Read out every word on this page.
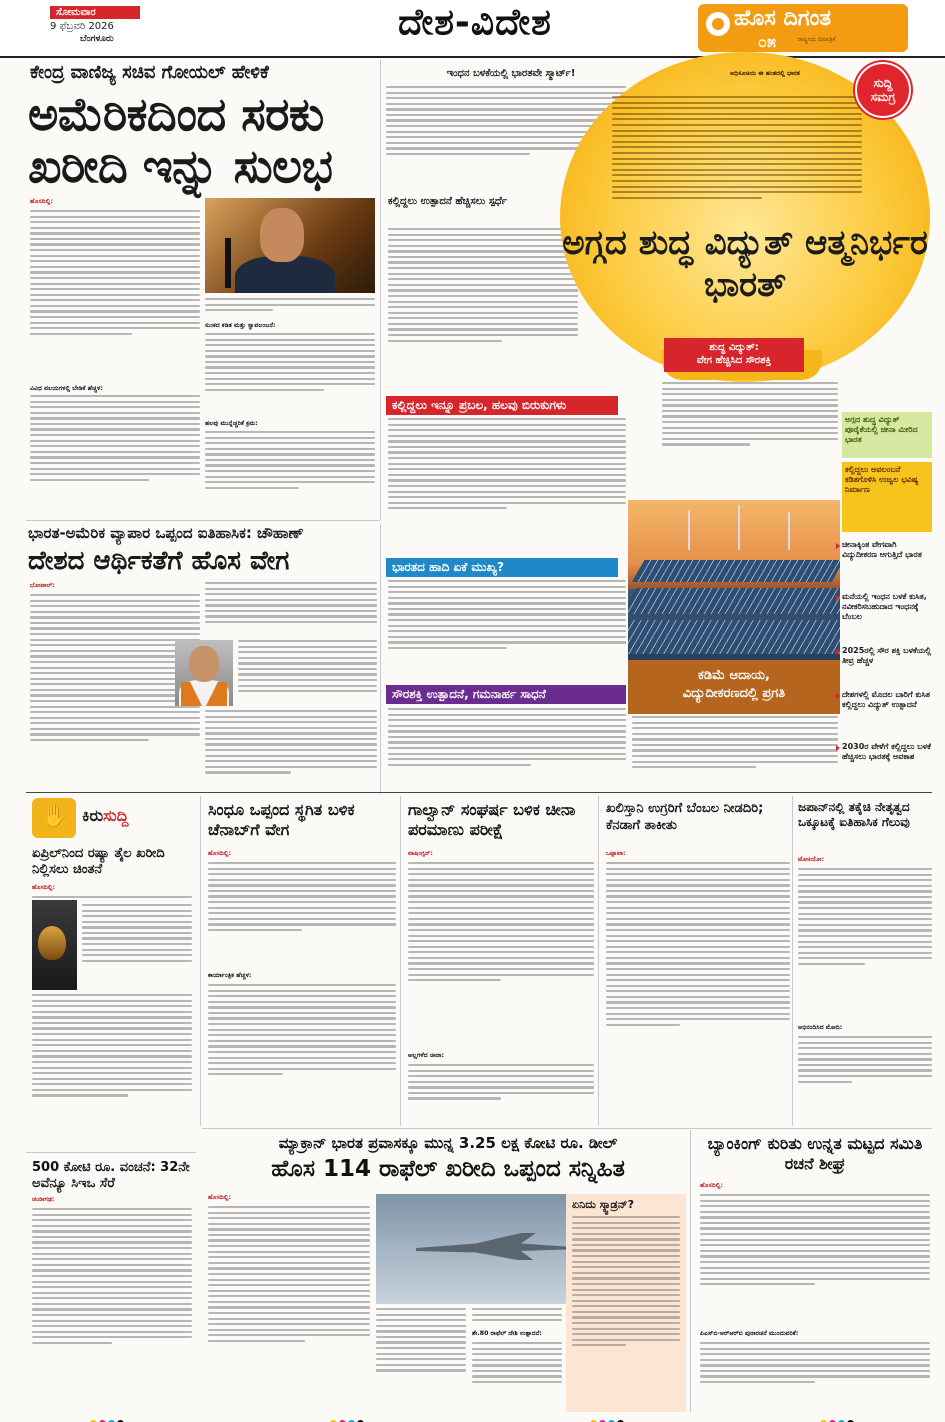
ಸೋಮವಾರ
9 ಫೆಬ್ರವರಿ 2026
ಬೆಂಗಳೂರು	ದೇಶ-ವಿದೇಶ	ಹೊಸ ದಿಗಂತ
೦೫	ರಾಷ್ಟ್ರೀಯ ದಿನಪತ್ರಿಕೆ
ಕೇಂದ್ರ ವಾಣಿಜ್ಯ ಸಚಿವ ಗೋಯಲ್ ಹೇಳಿಕೆ
ಅಮೆರಿಕದಿಂದ ಸರಕು ಖರೀದಿ ಇನ್ನು ಸುಲಭ
ಹೊಸದಿಲ್ಲಿ:
ವಿವಿಧ ವಲಯಗಳಲ್ಲಿ ಬೇಡಿಕೆ ಹೆಚ್ಚಳ:
ಸುಂಕದ ಕಡಿತ ಮತ್ತು ಸ್ವಾವಲಂಬನೆ:
ಹಲವು ಮುನ್ನೆಚ್ಚರಿಕೆ ಕ್ರಮ:
ಭಾರತ-ಅಮೆರಿಕ ವ್ಯಾಪಾರ ಒಪ್ಪಂದ ಐತಿಹಾಸಿಕ: ಚೌಹಾಣ್
ದೇಶದ ಆರ್ಥಿಕತೆಗೆ ಹೊಸ ವೇಗ
ಭೋಪಾಲ್:
ಇಂಧನ ಬಳಕೆಯಲ್ಲಿ ಭಾರತವೇ ಸ್ಮಾರ್ಟ್!
ಕಲ್ಲಿದ್ದಲು ಉತ್ಪಾದನೆ ಹೆಚ್ಚಿಸಲು ಸ್ಪರ್ಧೆ
ಕಲ್ಲಿದ್ದಲು ಇನ್ನೂ ಪ್ರಬಲ, ಹಲವು ಬಿರುಕುಗಳು
ಭಾರತದ ಹಾದಿ ಏಕೆ ಮುಖ್ಯ?
ಸೌರಶಕ್ತಿ ಉತ್ಪಾದನೆ, ಗಮನಾರ್ಹ ಸಾಧನೆ
ಅಧಿಸೂಚಿಯ ಈ ಹಂತದಲ್ಲಿ ಭಾರತ
ಸುದ್ದಿ
ಸಮಗ್ರ
ಅಗ್ಗದ ಶುದ್ಧ ವಿದ್ಯುತ್ ಆತ್ಮನಿರ್ಭರ ಭಾರತ್
ಶುದ್ಧ ವಿದ್ಯುತ್:
ವೇಗ ಹೆಚ್ಚಿಸಿದ ಸೌರಶಕ್ತಿ
ಕಡಿಮೆ ಆದಾಯ,
ವಿದ್ಯುದೀಕರಣದಲ್ಲಿ ಪ್ರಗತಿ
ಅಗ್ಗದ ಶುದ್ಧ ವಿದ್ಯುತ್ ಪೂರೈಕೆಯಲ್ಲಿ ಚೀನಾ ಮೀರಿದ ಭಾರತ
ಕಲ್ಲಿದ್ದಲು ಅವಲಂಬನೆ ಕಡಿತಗೊಳಿಸಿ ಉಜ್ವಲ ಭವಿಷ್ಯ ನಿರ್ಮಾಣ
ಚೀನಾಕ್ಕಿಂತ ವೇಗವಾಗಿ ವಿದ್ಯುದೀಕರಣ ಆಗುತ್ತಿದೆ ಭಾರತ
ಮನೆಯಲ್ಲಿ ಇಂಧನ ಬಳಕೆ ಕುಸಿತ, ನವೀಕರಿಸಬಹುದಾದ ಇಂಧನಕ್ಕೆ ಬೆಂಬಲ
2025ರಲ್ಲಿ ಸೌರ ಶಕ್ತಿ ಬಳಕೆಯಲ್ಲಿ ತೀವ್ರ ಹೆಚ್ಚಳ
ದೇಶಗಳಲ್ಲಿ ಮೊದಲ ಬಾರಿಗೆ ಕುಸಿತ ಕಲ್ಲಿದ್ದಲು ವಿದ್ಯುತ್ ಉತ್ಪಾದನೆ
2030ರ ವೇಳೆಗೆ ಕಲ್ಲಿದ್ದಲು ಬಳಕೆ ಹೆಚ್ಚಿಸಲು ಭಾರತಕ್ಕೆ ಅವಕಾಶ
✋
ಕಿರುಸುದ್ದಿ
ಏಪ್ರಿಲ್‌ನಿಂದ ರಷ್ಯಾ ತೈಲ ಖರೀದಿ ನಿಲ್ಲಿಸಲು ಚಿಂತನೆ
ಹೊಸದಿಲ್ಲಿ:
500 ಕೋಟಿ ರೂ. ವಂಚನೆ: 32ನೇ ಅವೆನ್ಯೂ ಸಿಇಒ ಸೆರೆ
ಚಂಡೀಗಢ:
ಸಿಂಧೂ ಒಪ್ಪಂದ ಸ್ಥಗಿತ ಬಳಿಕ ಚೆನಾಬ್‌ಗೆ ವೇಗ
ಹೊಸದಿಲ್ಲಿ:
ಕಾರ್ಯಾಂತ್ರಿಕ ಹೆಚ್ಚಳ:
ಗಾಲ್ವಾನ್ ಸಂಘರ್ಷ ಬಳಿಕ ಚೀನಾ ಪರಮಾಣು ಪರೀಕ್ಷೆ
ವಾಷಿಂಗ್ಟನ್:
ಅಲ್ಲಗಳೆದ ಚೀನಾ:
ಖಲಿಸ್ತಾನಿ ಉಗ್ರರಿಗೆ ಬೆಂಬಲ ನೀಡದಿರಿ; ಕೆನಡಾಗೆ ತಾಕೀತು
ಒಟ್ಟಾವಾ:
ಜಪಾನ್‌ನಲ್ಲಿ ತಕೈಚಿ ನೇತೃತ್ವದ ಒಕ್ಕೂಟಕ್ಕೆ ಐತಿಹಾಸಿಕ ಗೆಲುವು
ಟೋಕಿಯೋ:
ಅಭಿನಂದಿಸಿದ ಮೋದಿ:
ಮ್ಯಾಕ್ರಾನ್ ಭಾರತ ಪ್ರವಾಸಕ್ಕೂ ಮುನ್ನ 3.25 ಲಕ್ಷ ಕೋಟಿ ರೂ. ಡೀಲ್
ಹೊಸ 114 ರಾಫೆಲ್ ಖರೀದಿ ಒಪ್ಪಂದ ಸನ್ನಿಹಿತ
ಹೊಸದಿಲ್ಲಿ:
ಶೇ.80 ರಾಫೆಲ್ ದೇಶಿ ಉತ್ಪಾದನೆ:
ಏನಿದು ಸ್ಕ್ವಾಡ್ರನ್?
ಬ್ಯಾಂಕಿಂಗ್ ಕುರಿತು ಉನ್ನತ ಮಟ್ಟದ ಸಮಿತಿ ರಚನೆ ಶೀಘ್ರ
ಹೊಸದಿಲ್ಲಿ:
ಪಿಎಸ್‌ಬಿ-ಆರ್‌ಆರ್‌ಬಿ ಪುನಾರಚನೆ ಮುಂದುವರಿಕೆ:
